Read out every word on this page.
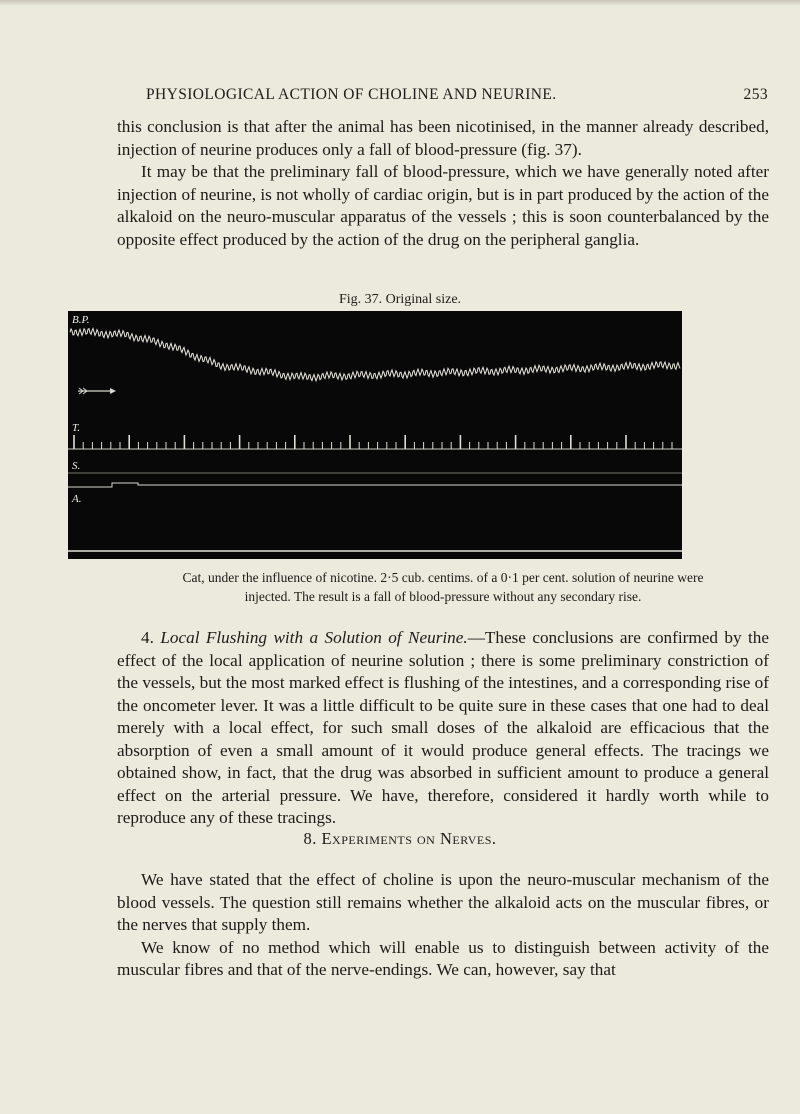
PHYSIOLOGICAL ACTION OF CHOLINE AND NEURINE.	253

this conclusion is that after the animal has been nicotinised, in the manner already described, injection of neurine produces only a fall of blood-pressure (fig. 37).

It may be that the preliminary fall of blood-pressure, which we have generally noted after injection of neurine, is not wholly of cardiac origin, but is in part produced by the action of the alkaloid on the neuro-muscular apparatus of the vessels ; this is soon counterbalanced by the opposite effect produced by the action of the drug on the peripheral ganglia.

Fig. 37. Original size.
B.P.
T.
S.
A.
Cat, under the influence of nicotine. 2·5 cub. centims. of a 0·1 per cent. solution of neurine were
injected. The result is a fall of blood-pressure without any secondary rise.

4. Local Flushing with a Solution of Neurine.—These conclusions are confirmed by the effect of the local application of neurine solution ; there is some preliminary constriction of the vessels, but the most marked effect is flushing of the intestines, and a corresponding rise of the oncometer lever. It was a little difficult to be quite sure in these cases that one had to deal merely with a local effect, for such small doses of the alkaloid are efficacious that the absorption of even a small amount of it would produce general effects. The tracings we obtained show, in fact, that the drug was absorbed in sufficient amount to produce a general effect on the arterial pressure. We have, therefore, considered it hardly worth while to reproduce any of these tracings.

8. Experiments on Nerves.

We have stated that the effect of choline is upon the neuro-muscular mechanism of the blood vessels. The question still remains whether the alkaloid acts on the muscular fibres, or the nerves that supply them.

We know of no method which will enable us to distinguish between activity of the muscular fibres and that of the nerve-endings. We can, however, say that
